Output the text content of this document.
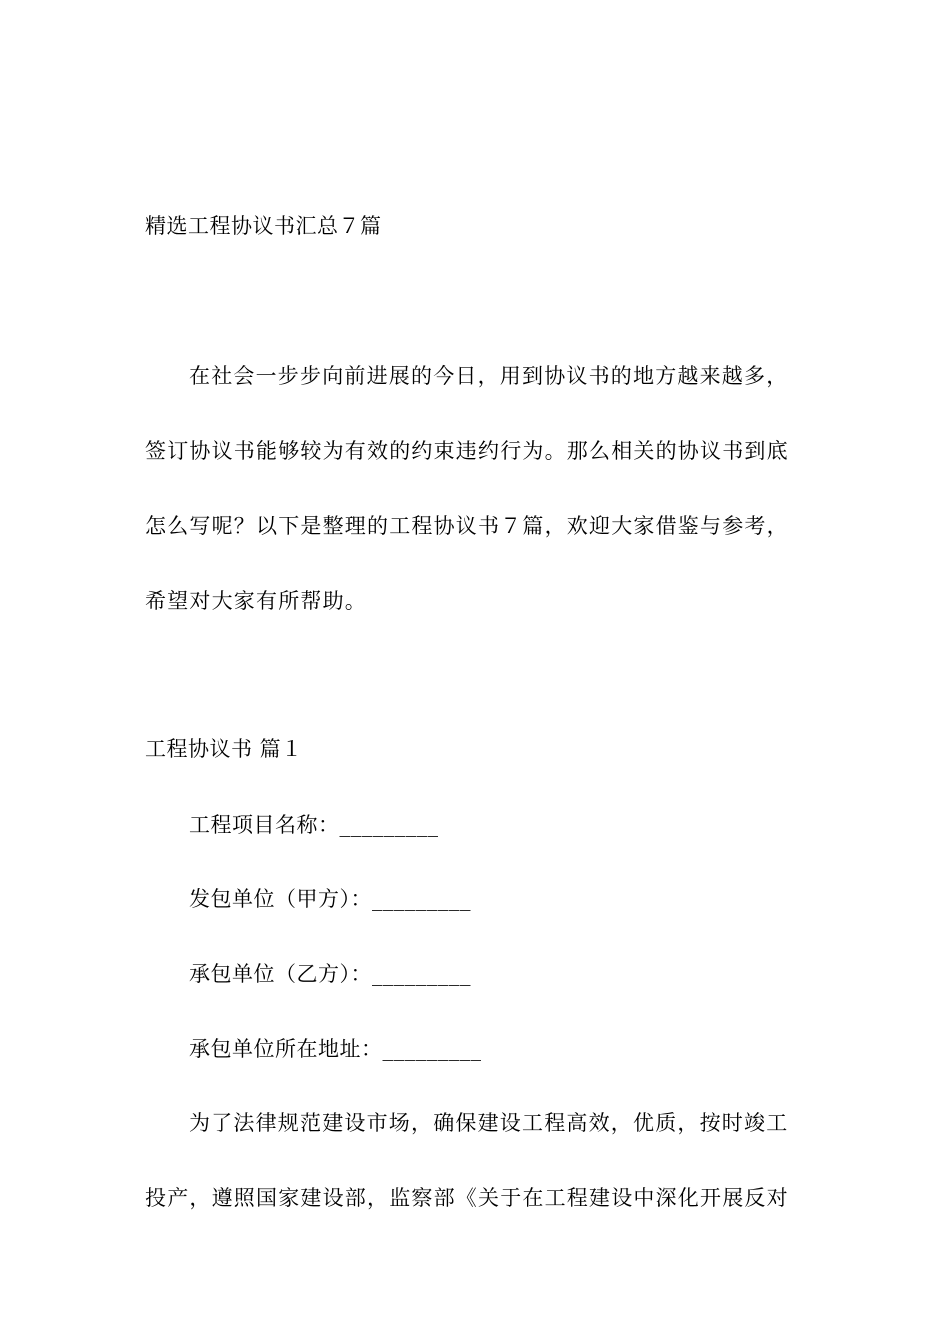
精选工程协议书汇总７篇
在社会一步步向前进展的今日，用到协议书的地方越来越多，
签订协议书能够较为有效的约束违约行为。那么相关的协议书到底
怎么写呢？以下是整理的工程协议书７篇，欢迎大家借鉴与参考，
希望对大家有所帮助。
工程协议书 篇１
工程项目名称：_________
发包单位（甲方）：_________
承包单位（乙方）：_________
承包单位所在地址：_________
为了法律规范建设市场，确保建设工程高效，优质，按时竣工
投产，遵照国家建设部，监察部《关于在工程建设中深化开展反对
